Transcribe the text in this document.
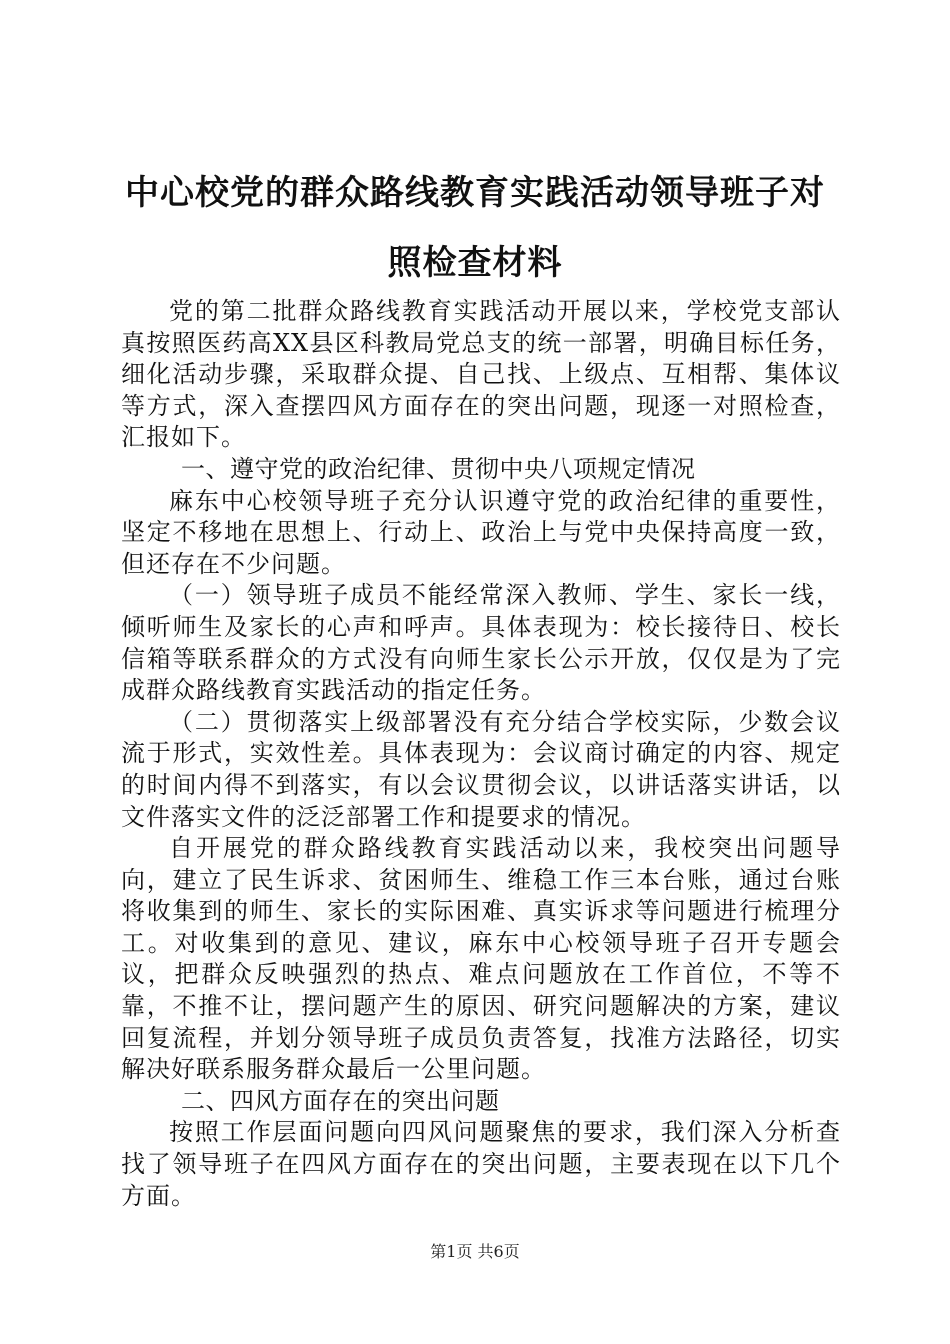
中心校党的群众路线教育实践活动领导班子对
照检查材料

党的第二批群众路线教育实践活动开展以来，学校党支部认真按照医药高XX县区科教局党总支的统一部署，明确目标任务，细化活动步骤，采取群众提、自己找、上级点、互相帮、集体议等方式，深入查摆四风方面存在的突出问题，现逐一对照检查，汇报如下。

一、遵守党的政治纪律、贯彻中央八项规定情况

麻东中心校领导班子充分认识遵守党的政治纪律的重要性，坚定不移地在思想上、行动上、政治上与党中央保持高度一致，但还存在不少问题。

（一）领导班子成员不能经常深入教师、学生、家长一线，倾听师生及家长的心声和呼声。具体表现为：校长接待日、校长信箱等联系群众的方式没有向师生家长公示开放，仅仅是为了完成群众路线教育实践活动的指定任务。

（二）贯彻落实上级部署没有充分结合学校实际，少数会议流于形式，实效性差。具体表现为：会议商讨确定的内容、规定的时间内得不到落实，有以会议贯彻会议，以讲话落实讲话，以文件落实文件的泛泛部署工作和提要求的情况。

自开展党的群众路线教育实践活动以来，我校突出问题导向，建立了民生诉求、贫困师生、维稳工作三本台账，通过台账将收集到的师生、家长的实际困难、真实诉求等问题进行梳理分工。对收集到的意见、建议，麻东中心校领导班子召开专题会议，把群众反映强烈的热点、难点问题放在工作首位，不等不靠，不推不让，摆问题产生的原因、研究问题解决的方案，建议回复流程，并划分领导班子成员负责答复，找准方法路径，切实解决好联系服务群众最后一公里问题。

二、四风方面存在的突出问题

按照工作层面问题向四风问题聚焦的要求，我们深入分析查找了领导班子在四风方面存在的突出问题，主要表现在以下几个方面。

第1页 共6页
